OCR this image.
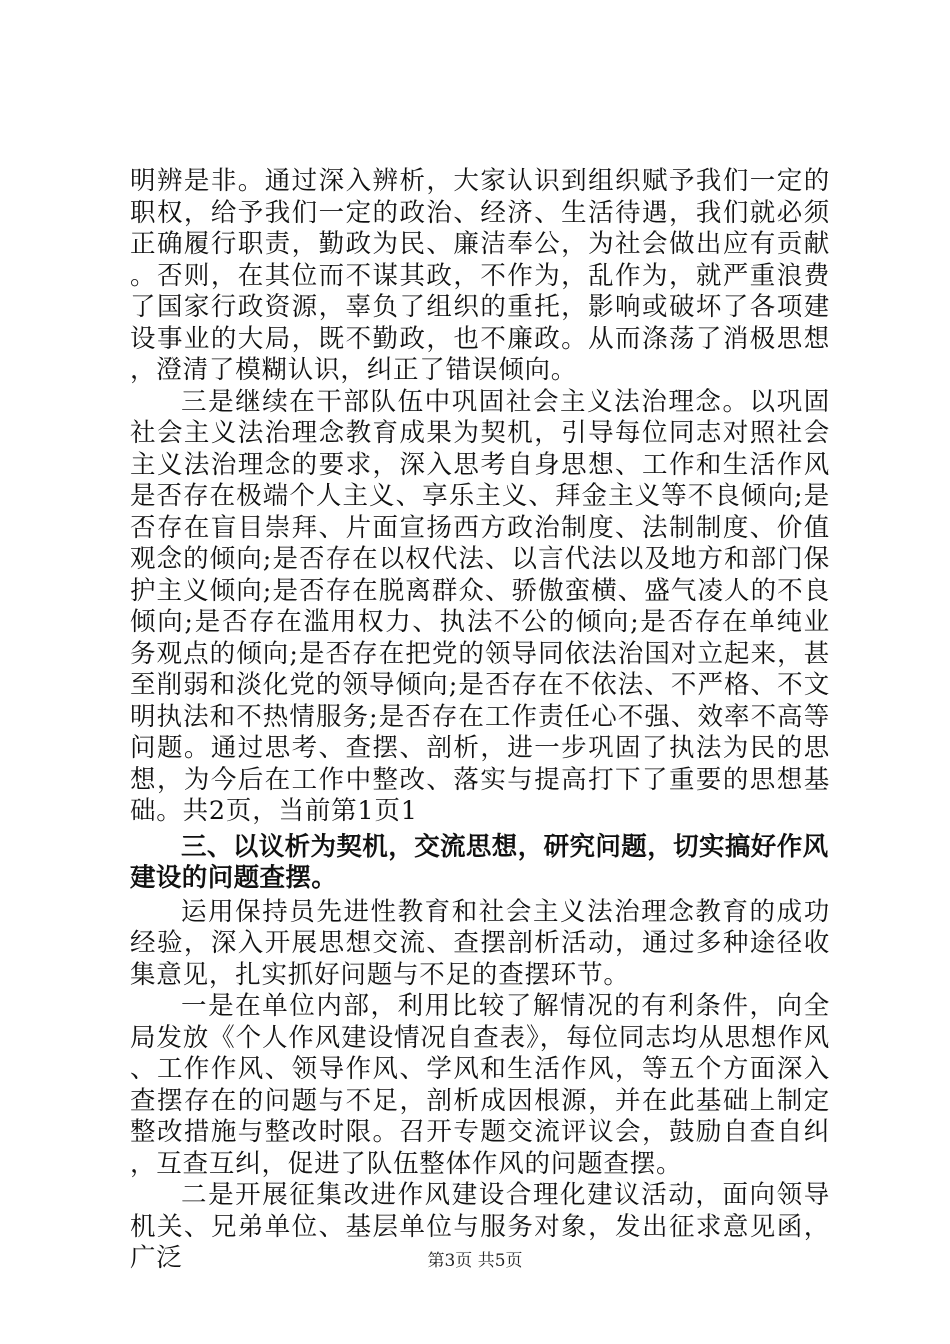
明辨是非。通过深入辨析，大家认识到组织赋予我们一定的职权，给予我们一定的政治、经济、生活待遇，我们就必须正确履行职责，勤政为民、廉洁奉公，为社会做出应有贡献。否则，在其位而不谋其政，不作为，乱作为，就严重浪费了国家行政资源，辜负了组织的重托，影响或破坏了各项建设事业的大局，既不勤政，也不廉政。从而涤荡了消极思想，澄清了模糊认识，纠正了错误倾向。

三是继续在干部队伍中巩固社会主义法治理念。以巩固社会主义法治理念教育成果为契机，引导每位同志对照社会主义法治理念的要求，深入思考自身思想、工作和生活作风是否存在极端个人主义、享乐主义、拜金主义等不良倾向;是否存在盲目崇拜、片面宣扬西方政治制度、法制制度、价值观念的倾向;是否存在以权代法、以言代法以及地方和部门保护主义倾向;是否存在脱离群众、骄傲蛮横、盛气凌人的不良倾向;是否存在滥用权力、执法不公的倾向;是否存在单纯业务观点的倾向;是否存在把党的领导同依法治国对立起来，甚至削弱和淡化党的领导倾向;是否存在不依法、不严格、不文明执法和不热情服务;是否存在工作责任心不强、效率不高等问题。通过思考、查摆、剖析，进一步巩固了执法为民的思想，为今后在工作中整改、落实与提高打下了重要的思想基础。共2页，当前第1页1

三、以议析为契机，交流思想，研究问题，切实搞好作风建设的问题查摆。

运用保持员先进性教育和社会主义法治理念教育的成功经验，深入开展思想交流、查摆剖析活动，通过多种途径收集意见，扎实抓好问题与不足的查摆环节。

一是在单位内部，利用比较了解情况的有利条件，向全局发放《个人作风建设情况自查表》，每位同志均从思想作风、工作作风、领导作风、学风和生活作风，等五个方面深入查摆存在的问题与不足，剖析成因根源，并在此基础上制定整改措施与整改时限。召开专题交流评议会，鼓励自查自纠，互查互纠，促进了队伍整体作风的问题查摆。

二是开展征集改进作风建设合理化建议活动，面向领导机关、兄弟单位、基层单位与服务对象，发出征求意见函，广泛	第3页 共5页
